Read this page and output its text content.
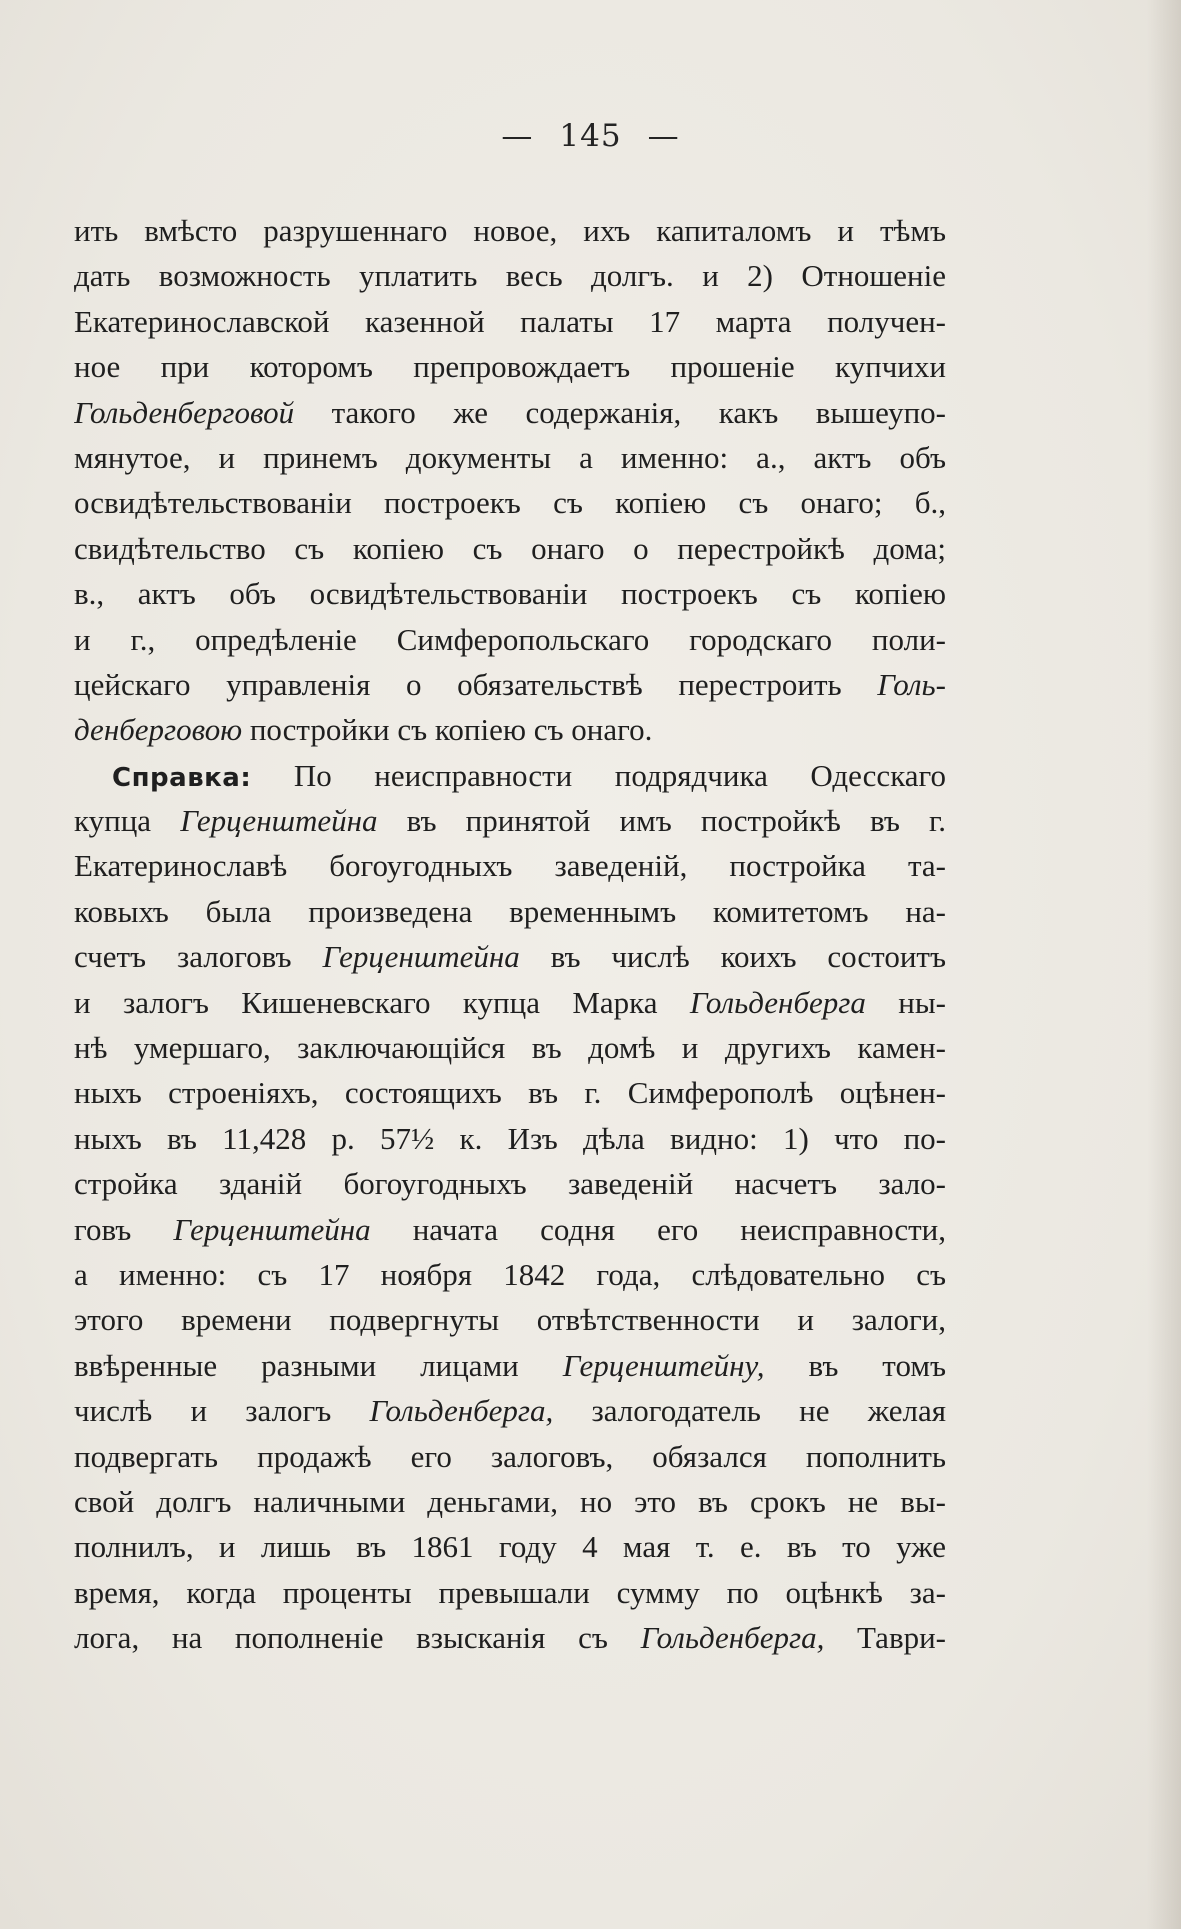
— 145 —
ить вмѣсто разрушеннаго новое, ихъ капиталомъ и тѣмъ
дать возможность уплатить весь долгъ. и 2) Отношенiе
Екатеринославской казенной палаты 17 марта получен-
ное при которомъ препровождаетъ прошенiе купчихи
Гольденберговой такого же содержанiя, какъ вышеупо-
мянутое, и принемъ документы а именно: а., актъ объ
освидѣтельствованiи построекъ съ копiею съ онаго; б.,
свидѣтельство съ копiею съ онаго о перестройкѣ дома;
в., актъ объ освидѣтельствованiи построекъ съ копiею
и г., опредѣленiе Симферопольскаго городскаго поли-
цейскаго управленiя о обязательствѣ перестроить Голь-
денберговою постройки съ копiею съ онаго.
Справка: По неисправности подрядчика Одесскаго
купца Герценштейна въ принятой имъ постройкѣ въ г.
Екатеринославѣ богоугодныхъ заведенiй, постройка та-
ковыхъ была произведена временнымъ комитетомъ на-
счетъ залоговъ Герценштейна въ числѣ коихъ состоитъ
и залогъ Кишеневскаго купца Марка Гольденберга ны-
нѣ умершаго, заключающiйся въ домѣ и другихъ камен-
ныхъ строенiяхъ, состоящихъ въ г. Симферополѣ оцѣнен-
ныхъ въ 11,428 р. 57½ к. Изъ дѣла видно: 1) что по-
стройка зданiй богоугодныхъ заведенiй насчетъ зало-
говъ Герценштейна начата содня его неисправности,
а именно: съ 17 ноября 1842 года, слѣдовательно съ
этого времени подвергнуты отвѣтственности и залоги,
ввѣренные разными лицами Герценштейну, въ томъ
числѣ и залогъ Гольденберга, залогодатель не желая
подвергать продажѣ его залоговъ, обязался пополнить
свой долгъ наличными деньгами, но это въ срокъ не вы-
полнилъ, и лишь въ 1861 году 4 мая т. е. въ то уже
время, когда проценты превышали сумму по оцѣнкѣ за-
лога, на пополненiе взысканiя съ Гольденберга, Таври-
